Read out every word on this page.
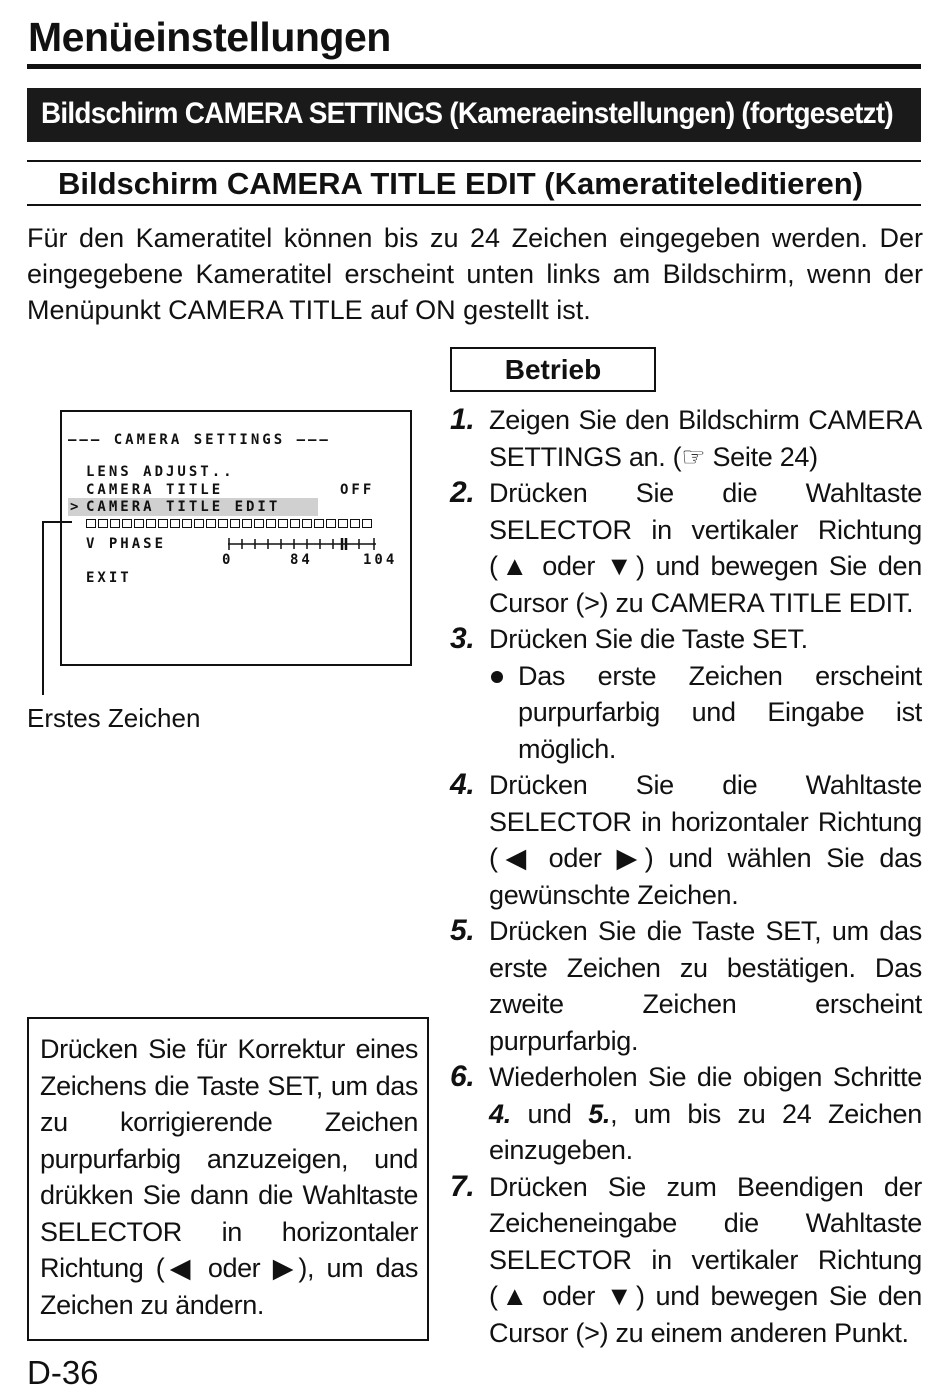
Menüeinstellungen
Bildschirm CAMERA SETTINGS (Kameraeinstellungen) (fortgesetzt)
Bildschirm CAMERA TITLE EDIT (Kameratiteleditieren)
Für den Kameratitel können bis zu 24 Zeichen eingegeben werden. Der eingegebene Kameratitel erscheint unten links am Bildschirm, wenn der Menüpunkt CAMERA TITLE auf ON gestellt ist.
——— CAMERA SETTINGS ———
LENS ADJUST..
CAMERA TITLE	OFF
> CAMERA TITLE EDIT
V PHASE
0	84	104
EXIT
Erstes Zeichen
Drücken Sie für Korrektur eines Zeichens die Taste SET, um das zu korrigierende Zeichen purpurfarbig anzuzeigen, und drükken Sie dann die Wahltaste SELECTOR in horizontaler Richtung (◀ oder ▶), um das Zeichen zu ändern.
Betrieb
1. Zeigen Sie den Bildschirm CAMERA SETTINGS an. (☞ Seite 24)
2. Drücken Sie die Wahltaste SELECTOR in vertikaler Richtung (▲ oder ▼) und bewegen Sie den Cursor (>) zu CAMERA TITLE EDIT.
3. Drücken Sie die Taste SET.
Das erste Zeichen erscheint purpurfarbig und Eingabe ist möglich.
4. Drücken Sie die Wahltaste SELECTOR in horizontaler Richtung (◀ oder ▶) und wählen Sie das gewünschte Zeichen.
5. Drücken Sie die Taste SET, um das erste Zeichen zu bestätigen. Das zweite Zeichen erscheint purpurfarbig.
6. Wiederholen Sie die obigen Schritte 4. und 5., um bis zu 24 Zeichen einzugeben.
7. Drücken Sie zum Beendigen der Zeicheneingabe die Wahltaste SELECTOR in vertikaler Richtung (▲ oder ▼) und bewegen Sie den Cursor (>) zu einem anderen Punkt.
D-36
